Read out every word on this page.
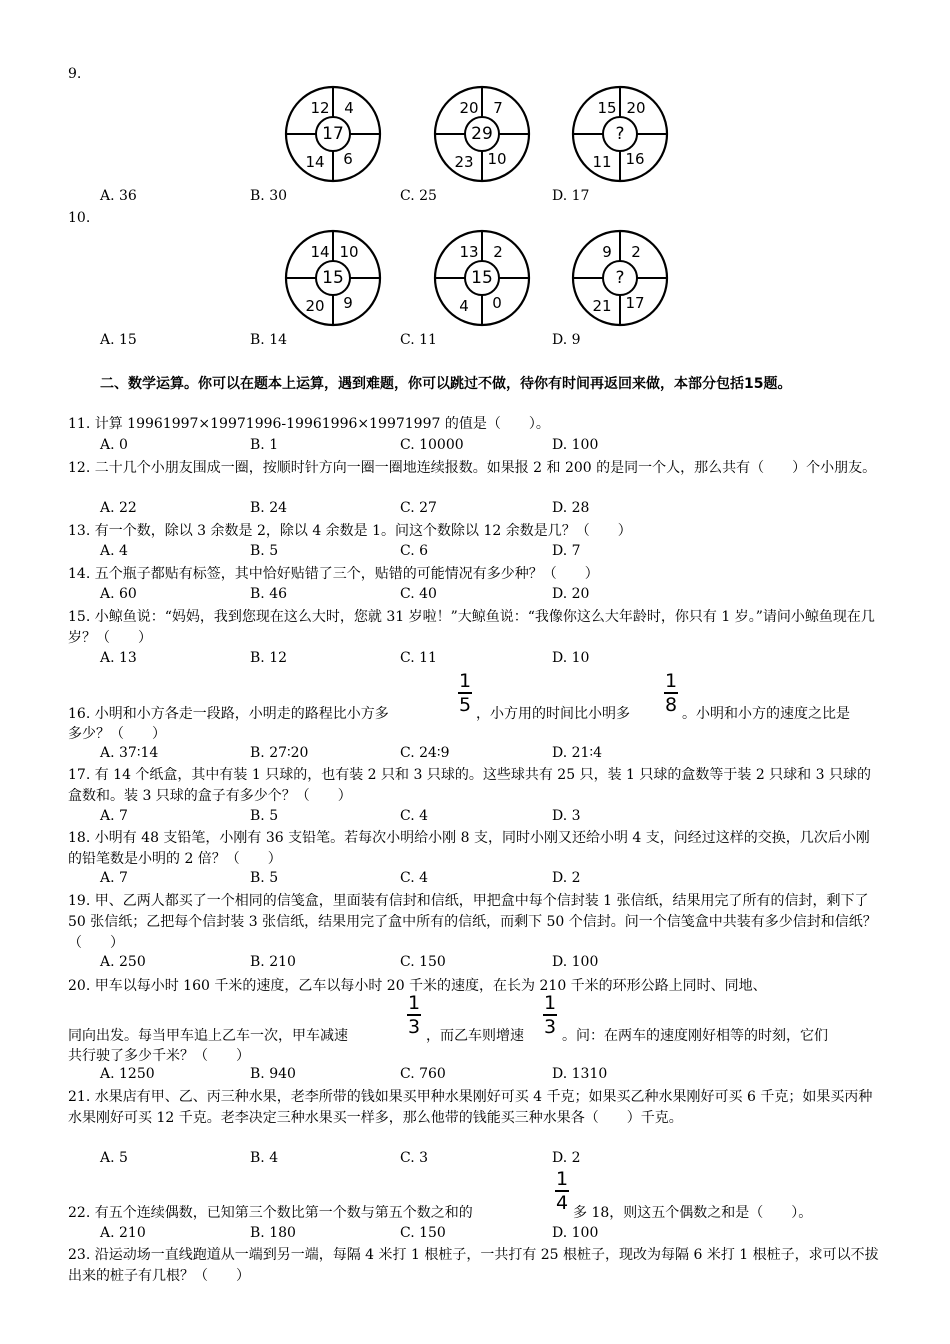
9.
12 4
14 6
17
20 7
23 10
29
15 20
11 16
?
A. 36	B. 30	C. 25	D. 17
10.
14 10
20 9
15
13 2
4 0
15
9 2
21 17
?
A. 15	B. 14	C. 11	D. 9
二、数学运算。你可以在题本上运算，遇到难题，你可以跳过不做，待你有时间再返回来做，本部分包括15题。
11. 计算 19961997×19971996-19961996×19971997 的值是（　　）。
A. 0	B. 1	C. 10000	D. 100
12. 二十几个小朋友围成一圈，按顺时针方向一圈一圈地连续报数。如果报 2 和 200 的是同一个人，那么共有（　　）个小朋友。
A. 22	B. 24	C. 27	D. 28
13. 有一个数，除以 3 余数是 2，除以 4 余数是 1。问这个数除以 12 余数是几？（　　）
A. 4	B. 5	C. 6	D. 7
14. 五个瓶子都贴有标签，其中恰好贴错了三个，贴错的可能情况有多少种？（　　）
A. 60	B. 46	C. 40	D. 20
15. 小鲸鱼说：“妈妈，我到您现在这么大时，您就 31 岁啦！”大鲸鱼说：“我像你这么大年龄时，你只有 1 岁。”请问小鲸鱼现在几岁？（　　）
A. 13	B. 12	C. 11	D. 10
1
5
1
8
16. 小明和小方各走一段路，小明走的路程比小方多	，小方用的时间比小明多	。小明和小方的速度之比是
多少？（　　）
A. 37∶14	B. 27∶20	C. 24∶9	D. 21∶4
17. 有 14 个纸盒，其中有装 1 只球的，也有装 2 只和 3 只球的。这些球共有 25 只，装 1 只球的盒数等于装 2 只球和 3 只球的盒数和。装 3 只球的盒子有多少个？（　　）
A. 7	B. 5	C. 4	D. 3
18. 小明有 48 支铅笔，小刚有 36 支铅笔。若每次小明给小刚 8 支，同时小刚又还给小明 4 支，问经过这样的交换，几次后小刚的铅笔数是小明的 2 倍？（　　）
A. 7	B. 5	C. 4	D. 2
19. 甲、乙两人都买了一个相同的信笺盒，里面装有信封和信纸，甲把盒中每个信封装 1 张信纸，结果用完了所有的信封，剩下了 50 张信纸；乙把每个信封装 3 张信纸，结果用完了盒中所有的信纸，而剩下 50 个信封。问一个信笺盒中共装有多少信封和信纸？（　　）
A. 250	B. 210	C. 150	D. 100
20. 甲车以每小时 160 千米的速度，乙车以每小时 20 千米的速度，在长为 210 千米的环形公路上同时、同地、
1
3
1
3
同向出发。每当甲车追上乙车一次，甲车减速	，而乙车则增速	。问：在两车的速度刚好相等的时刻，它们
共行驶了多少千米？（　　）
A. 1250	B. 940	C. 760	D. 1310
21. 水果店有甲、乙、丙三种水果，老李所带的钱如果买甲种水果刚好可买 4 千克；如果买乙种水果刚好可买 6 千克；如果买丙种水果刚好可买 12 千克。老李决定三种水果买一样多，那么他带的钱能买三种水果各（　　）千克。
A. 5	B. 4	C. 3	D. 2
1
4
22. 有五个连续偶数，已知第三个数比第一个数与第五个数之和的	多 18，则这五个偶数之和是（　　）。
A. 210	B. 180	C. 150	D. 100
23. 沿运动场一直线跑道从一端到另一端，每隔 4 米打 1 根桩子，一共打有 25 根桩子，现改为每隔 6 米打 1 根桩子，求可以不拔出来的桩子有几根？（　　）
